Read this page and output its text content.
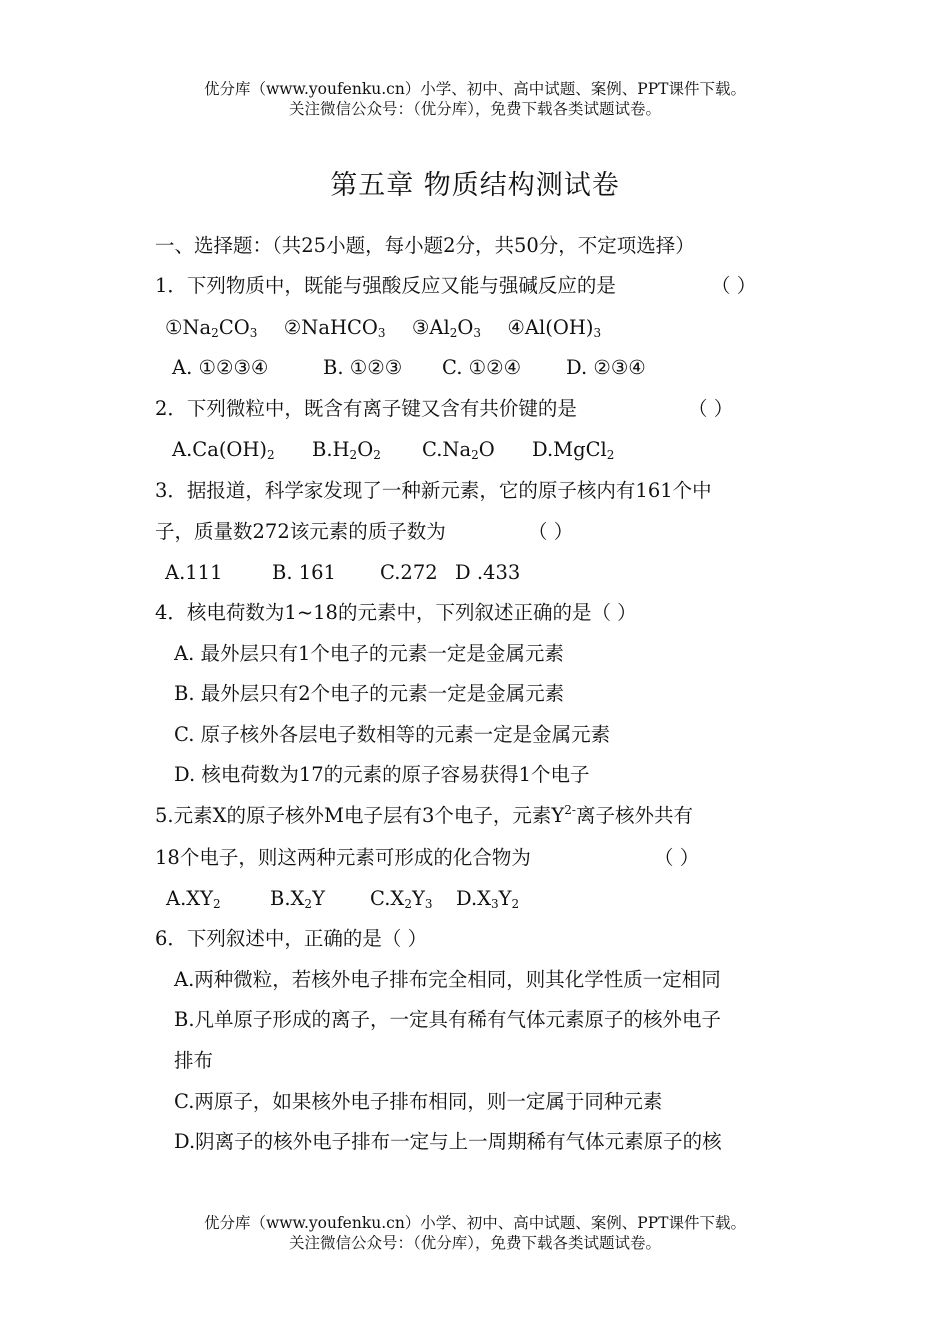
优分库（www.youfenku.cn）小学、初中、高中试题、案例、PPT课件下载。
关注微信公众号：（优分库），免费下载各类试题试卷。
第五章 物质结构测试卷
一、选择题：（共25小题，每小题2分，共50分，不定项选择）
1．下列物质中，既能与强酸反应又能与强碱反应的是	（ ）
$①Na_2CO_3$ ②NaHCO$_3$ $③Al_2O_3$ $④Al(OH)_3$
A. ①②③④	B. ①②③ C. ①②④ D. ②③④
2．下列微粒中，既含有离子键又含有共价键的是	（ ）
$A.Ca(OH)_2$ $B.H_2O_2$ $C.Na_2O$ D.MgCl$_2$
3．据报道，科学家发现了一种新元素，它的原子核内有161个中
子，质量数272该元素的质子数为	（ ）
A.111	B. 161 C.272 D .433
4．核电荷数为1~18的元素中，下列叙述正确的是（ ）
A. 最外层只有1个电子的元素一定是金属元素
B. 最外层只有2个电子的元素一定是金属元素
C. 原子核外各层电子数相等的元素一定是金属元素
D. 核电荷数为17的元素的原子容易获得1个电子
5.元素X的原子核外M电子层有3个电子，元素$Y^{2-}$离子核外共有
18个电子，则这两种元素可形成的化合物为	（ ）
$A.XY_2$	$B.X_2Y$ $C.X_2Y_3$ $D.X_3Y_2$
6．下列叙述中，正确的是（ ）
A.两种微粒，若核外电子排布完全相同，则其化学性质一定相同
B.凡单原子形成的离子，一定具有稀有气体元素原子的核外电子
排布
C.两原子，如果核外电子排布相同，则一定属于同种元素
D.阴离子的核外电子排布一定与上一周期稀有气体元素原子的核
优分库（www.youfenku.cn）小学、初中、高中试题、案例、PPT课件下载。
关注微信公众号：（优分库），免费下载各类试题试卷。
